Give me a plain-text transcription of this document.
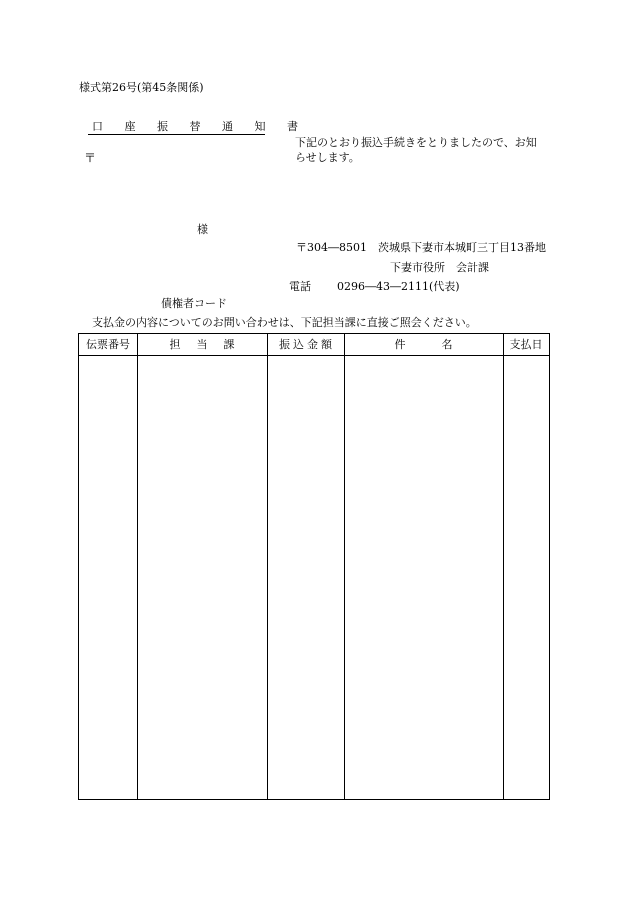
様式第26号(第45条関係)
口 座 振 替 通 知 書
〒
下記のとおり振込手続きをとりましたので、お知
らせします。
様
〒304―8501　茨城県下妻市本城町三丁目13番地
下妻市役所　会計課
電話 0296―43―2111(代表)
債権者コード
支払金の内容についてのお問い合わせは、下記担当課に直接ご照会ください。
伝票番号	担当課	振込金額	件名	支払日
